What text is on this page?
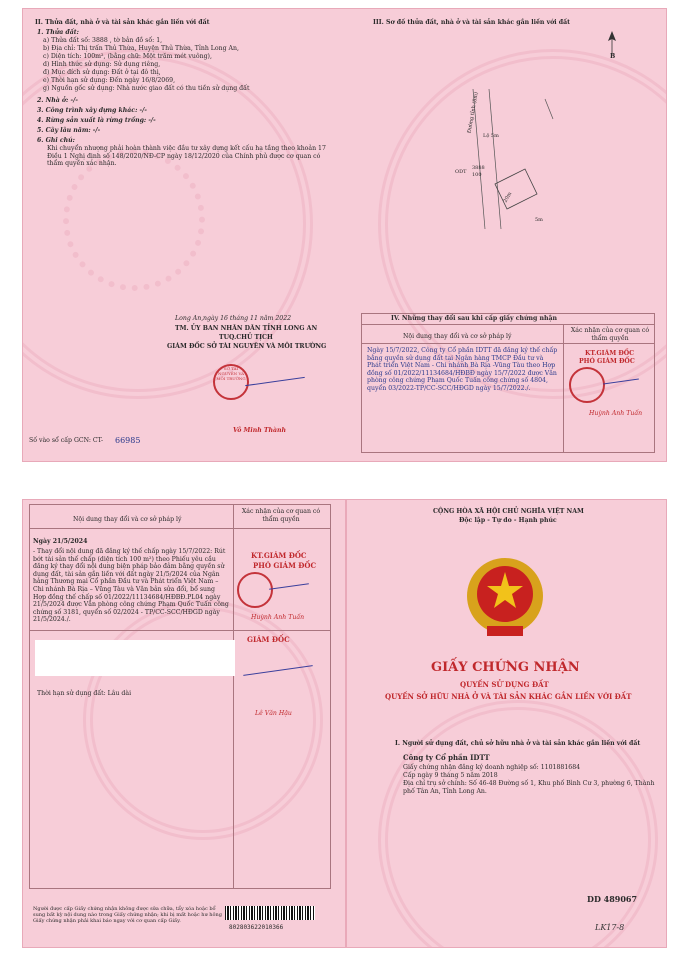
II. Thửa đất, nhà ở và tài sản khác gắn liền với đất
1. Thửa đất:
a) Thửa đất số: 3888 , tờ bản đồ số: 1,
b) Địa chỉ: Thị trấn Thủ Thừa, Huyện Thủ Thừa, Tỉnh Long An,
c) Diện tích: 100m², (bằng chữ: Một trăm mét vuông),
d) Hình thức sử dụng: Sử dụng riêng,
đ) Mục đích sử dụng: Đất ở tại đô thị,
e) Thời hạn sử dụng: Đến ngày 16/8/2069,
g) Nguồn gốc sử dụng: Nhà nước giao đất có thu tiền sử dụng đất
2. Nhà ở: -/-
3. Công trình xây dựng khác: -/-
4. Rừng sản xuất là rừng trồng: -/-
5. Cây lâu năm: -/-
6. Ghi chú:
Khi chuyển nhượng phải hoàn thành việc đầu tư xây dựng kết cấu hạ tầng theo khoản 17 Điều 1 Nghị định số 148/2020/NĐ-CP ngày 18/12/2020 của Chính phủ được cơ quan có thẩm quyền xác nhận.
Long An, ngày 16 tháng 11 năm 2022
TM. ỦY BAN NHÂN DÂN TỈNH LONG AN
TUQ.CHỦ TỊCH
GIÁM ĐỐC SỞ TÀI NGUYÊN VÀ MÔI TRƯỜNG
SỞ TÀI NGUYÊN VÀ MÔI TRƯỜNG
Võ Minh Thành
Số vào sổ cấp GCN: CT- 66985
III. Sơ đồ thửa đất, nhà ở và tài sản khác gắn liền với đất
B
Đường tỉnh (8m)
Lộ 5m
3888
100
ODT
20m
5m
IV. Những thay đổi sau khi cấp giấy chứng nhận
Nội dung thay đổi và cơ sở pháp lý
Xác nhận của cơ quan có thẩm quyền
Ngày 15/7/2022, Công ty Cổ phần IDTT đã đăng ký thế chấp bằng quyền sử dụng đất tại Ngân hàng TMCP Đầu tư và Phát triển Việt Nam - Chi nhánh Bà Rịa -Vũng Tàu theo Hợp đồng số 01/2022/11134684/HĐBĐ ngày 15/7/2022 được Văn phòng công chứng Phạm Quốc Tuấn công chứng số 4804, quyển 03/2022-TP/CC-SCC/HĐGD ngày 15/7/2022./.
KT.GIÁM ĐỐC
PHÓ GIÁM ĐỐC
Huỳnh Anh Tuấn
Nội dung thay đổi và cơ sở pháp lý
Xác nhận của cơ quan có thẩm quyền
Ngày 21/5/2024
- Thay đổi nội dung đã đăng ký thế chấp ngày 15/7/2022: Rút bớt tài sản thế chấp (diện tích 100 m²) theo Phiếu yêu cầu đăng ký thay đổi nội dung biện pháp bảo đảm bằng quyền sử dụng đất, tài sản gắn liền với đất ngày 21/5/2024 của Ngân hàng Thương mại Cổ phần Đầu tư và Phát triển Việt Nam – Chi nhánh Bà Rịa – Vũng Tàu và Văn bản sửa đổi, bổ sung Hợp đồng thế chấp số 01/2022/11134684/HĐBĐ.PL04 ngày 21/5/2024 được Văn phòng công chứng Phạm Quốc Tuấn công chứng số 3181, quyển số 02/2024 - TP/CC-SCC/HĐGD ngày 21/5/2024./.
KT.GIÁM ĐỐC
PHÓ GIÁM ĐỐC
Huỳnh Anh Tuấn
GIÁM ĐỐC
Thời hạn sử dụng đất: Lâu dài
Lê Văn Hậu
Người được cấp Giấy chứng nhận không được sửa chữa, tẩy xóa hoặc bổ sung bất kỳ nội dung nào trong Giấy chứng nhận; khi bị mất hoặc hư hỏng Giấy chứng nhận phải khai báo ngay với cơ quan cấp Giấy.
802803622010366
CỘNG HÒA XÃ HỘI CHỦ NGHĨA VIỆT NAM
Độc lập - Tự do - Hạnh phúc
GIẤY CHỨNG NHẬN
QUYỀN SỬ DỤNG ĐẤT
QUYỀN SỞ HỮU NHÀ Ở VÀ TÀI SẢN KHÁC GẮN LIỀN VỚI ĐẤT
I. Người sử dụng đất, chủ sở hữu nhà ở và tài sản khác gắn liền với đất
Công ty Cổ phần IDTT
Giấy chứng nhận đăng ký doanh nghiệp số: 1101881684
Cấp ngày 9 tháng 5 năm 2018
Địa chỉ trụ sở chính: Số 46-48 Đường số 1, Khu phố Bình Cư 3, phường 6, Thành
phố Tân An, Tỉnh Long An.
DD 489067
LK17-8
